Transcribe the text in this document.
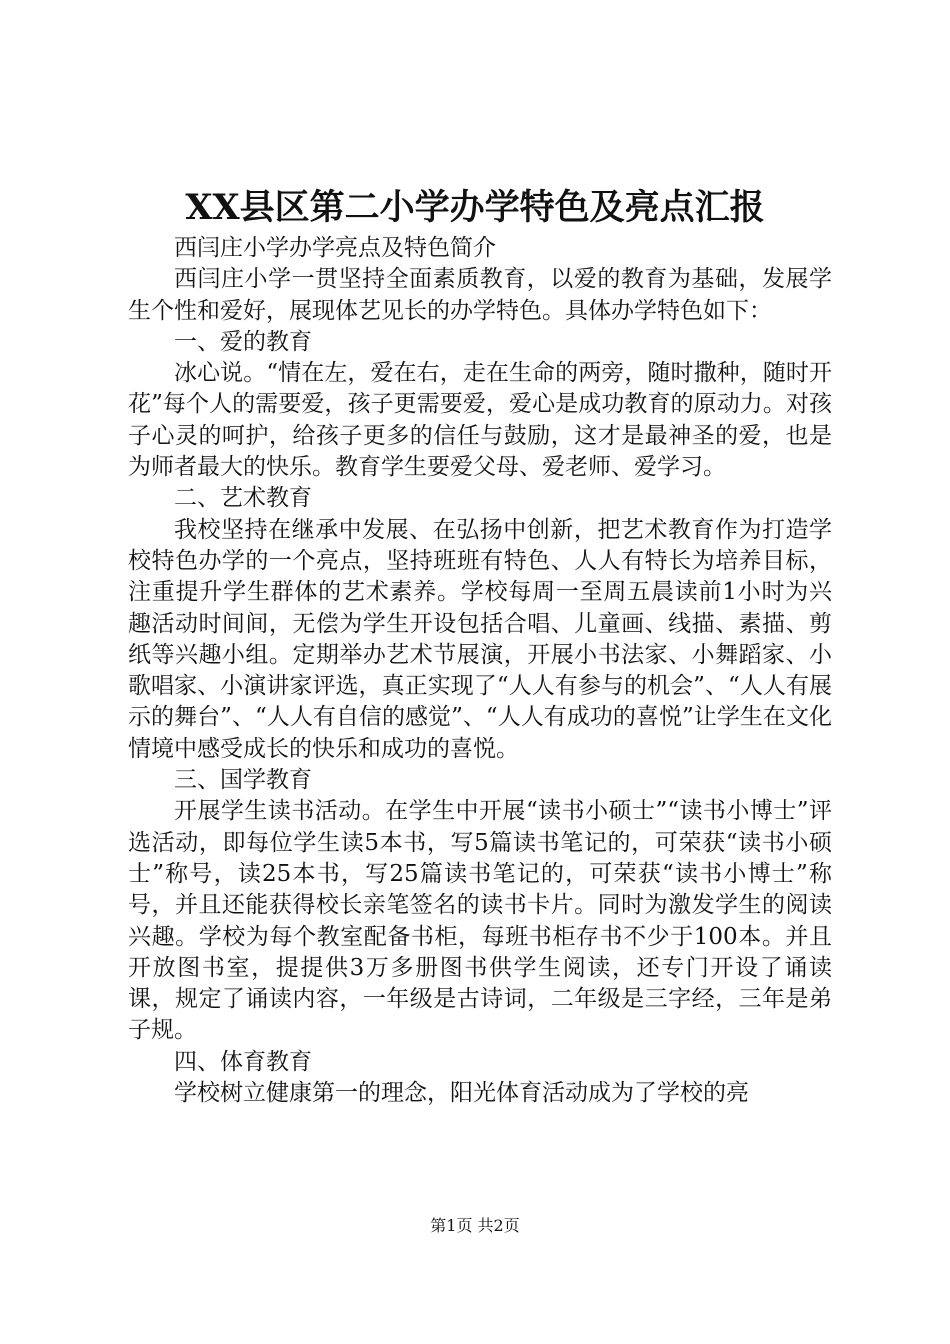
XX县区第二小学办学特色及亮点汇报

西闫庄小学办学亮点及特色简介

西闫庄小学一贯坚持全面素质教育，以爱的教育为基础，发展学生个性和爱好，展现体艺见长的办学特色。具体办学特色如下：

一、爱的教育

冰心说。“情在左，爱在右，走在生命的两旁，随时撒种，随时开花”每个人的需要爱，孩子更需要爱，爱心是成功教育的原动力。对孩子心灵的呵护，给孩子更多的信任与鼓励，这才是最神圣的爱，也是为师者最大的快乐。教育学生要爱父母、爱老师、爱学习。

二、艺术教育

我校坚持在继承中发展、在弘扬中创新，把艺术教育作为打造学校特色办学的一个亮点，坚持班班有特色、人人有特长为培养目标，注重提升学生群体的艺术素养。学校每周一至周五晨读前1小时为兴趣活动时间间，无偿为学生开设包括合唱、儿童画、线描、素描、剪纸等兴趣小组。定期举办艺术节展演，开展小书法家、小舞蹈家、小歌唱家、小演讲家评选，真正实现了“人人有参与的机会”、“人人有展示的舞台”、“人人有自信的感觉”、“人人有成功的喜悦”让学生在文化情境中感受成长的快乐和成功的喜悦。

三、国学教育

开展学生读书活动。在学生中开展“读书小硕士”“读书小博士”评选活动，即每位学生读5本书，写5篇读书笔记的，可荣获“读书小硕士”称号，读25本书，写25篇读书笔记的，可荣获“读书小博士”称号，并且还能获得校长亲笔签名的读书卡片。同时为激发学生的阅读兴趣。学校为每个教室配备书柜，每班书柜存书不少于100本。并且开放图书室，提提供3万多册图书供学生阅读，还专门开设了诵读课，规定了诵读内容，一年级是古诗词，二年级是三字经，三年是弟子规。

四、体育教育

学校树立健康第一的理念，阳光体育活动成为了学校的亮

第1页 共2页
